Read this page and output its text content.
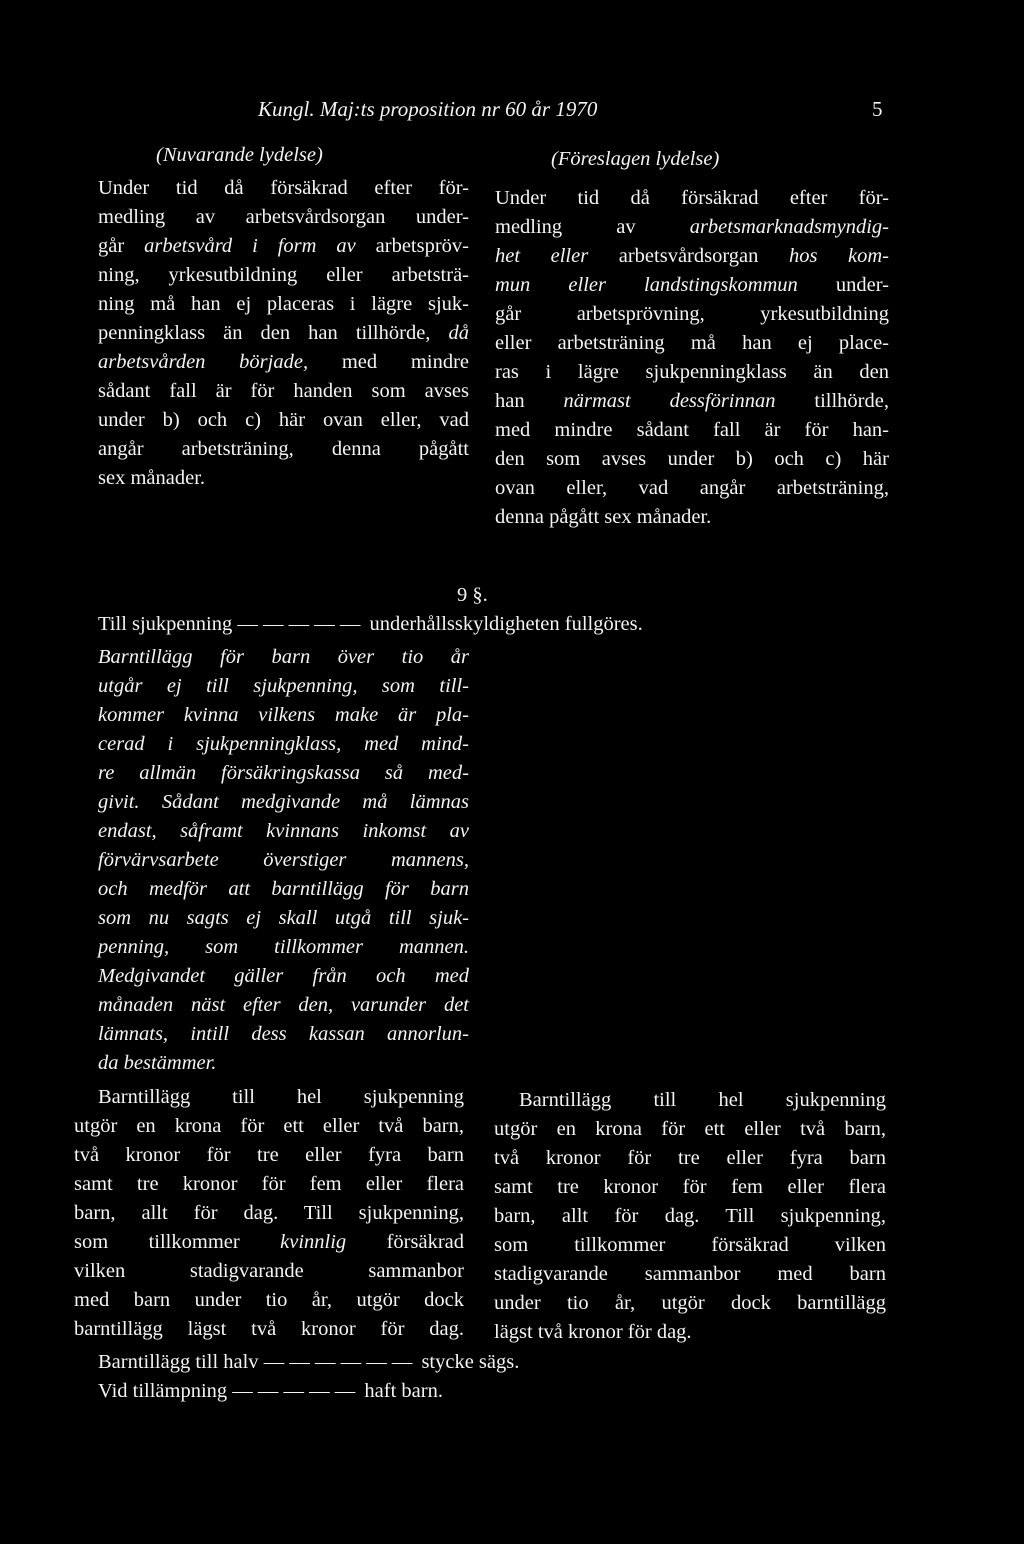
Kungl. Maj:ts proposition nr 60 år 1970	5
(Nuvarande lydelse)	(Föreslagen lydelse)
Under tid då försäkrad efter för-
medling av arbetsvårdsorgan under-
går arbetsvård i form av arbetspröv-
ning, yrkesutbildning eller arbetsträ-
ning må han ej placeras i lägre sjuk-
penningklass än den han tillhörde, då
arbetsvården började, med mindre
sådant fall är för handen som avses
under b) och c) här ovan eller, vad
angår arbetsträning, denna pågått
sex månader.
Under tid då försäkrad efter för-
medling av arbetsmarknadsmyndig-
het eller arbetsvårdsorgan hos kom-
mun eller landstingskommun under-
går arbetsprövning, yrkesutbildning
eller arbetsträning må han ej place-
ras i lägre sjukpenningklass än den
han närmast dessförinnan tillhörde,
med mindre sådant fall är för han-
den som avses under b) och c) här
ovan eller, vad angår arbetsträning,
denna pågått sex månader.
9 §.
Till sjukpenning — — — — — underhållsskyldigheten fullgöres.
Barntillägg för barn över tio år
utgår ej till sjukpenning, som till-
kommer kvinna vilkens make är pla-
cerad i sjukpenningklass, med mind-
re allmän försäkringskassa så med-
givit. Sådant medgivande må lämnas
endast, såframt kvinnans inkomst av
förvärvsarbete överstiger mannens,
och medför att barntillägg för barn
som nu sagts ej skall utgå till sjuk-
penning, som tillkommer mannen.
Medgivandet gäller från och med
månaden näst efter den, varunder det
lämnats, intill dess kassan annorlun-
da bestämmer.
Barntillägg till hel sjukpenning
utgör en krona för ett eller två barn,
två kronor för tre eller fyra barn
samt tre kronor för fem eller flera
barn, allt för dag. Till sjukpenning,
som tillkommer kvinnlig försäkrad
vilken stadigvarande sammanbor
med barn under tio år, utgör dock
barntillägg lägst två kronor för dag.
Barntillägg till hel sjukpenning
utgör en krona för ett eller två barn,
två kronor för tre eller fyra barn
samt tre kronor för fem eller flera
barn, allt för dag. Till sjukpenning,
som tillkommer försäkrad vilken
stadigvarande sammanbor med barn
under tio år, utgör dock barntillägg
lägst två kronor för dag.
Barntillägg till halv — — — — — — stycke sägs.
Vid tillämpning — — — — — haft barn.
